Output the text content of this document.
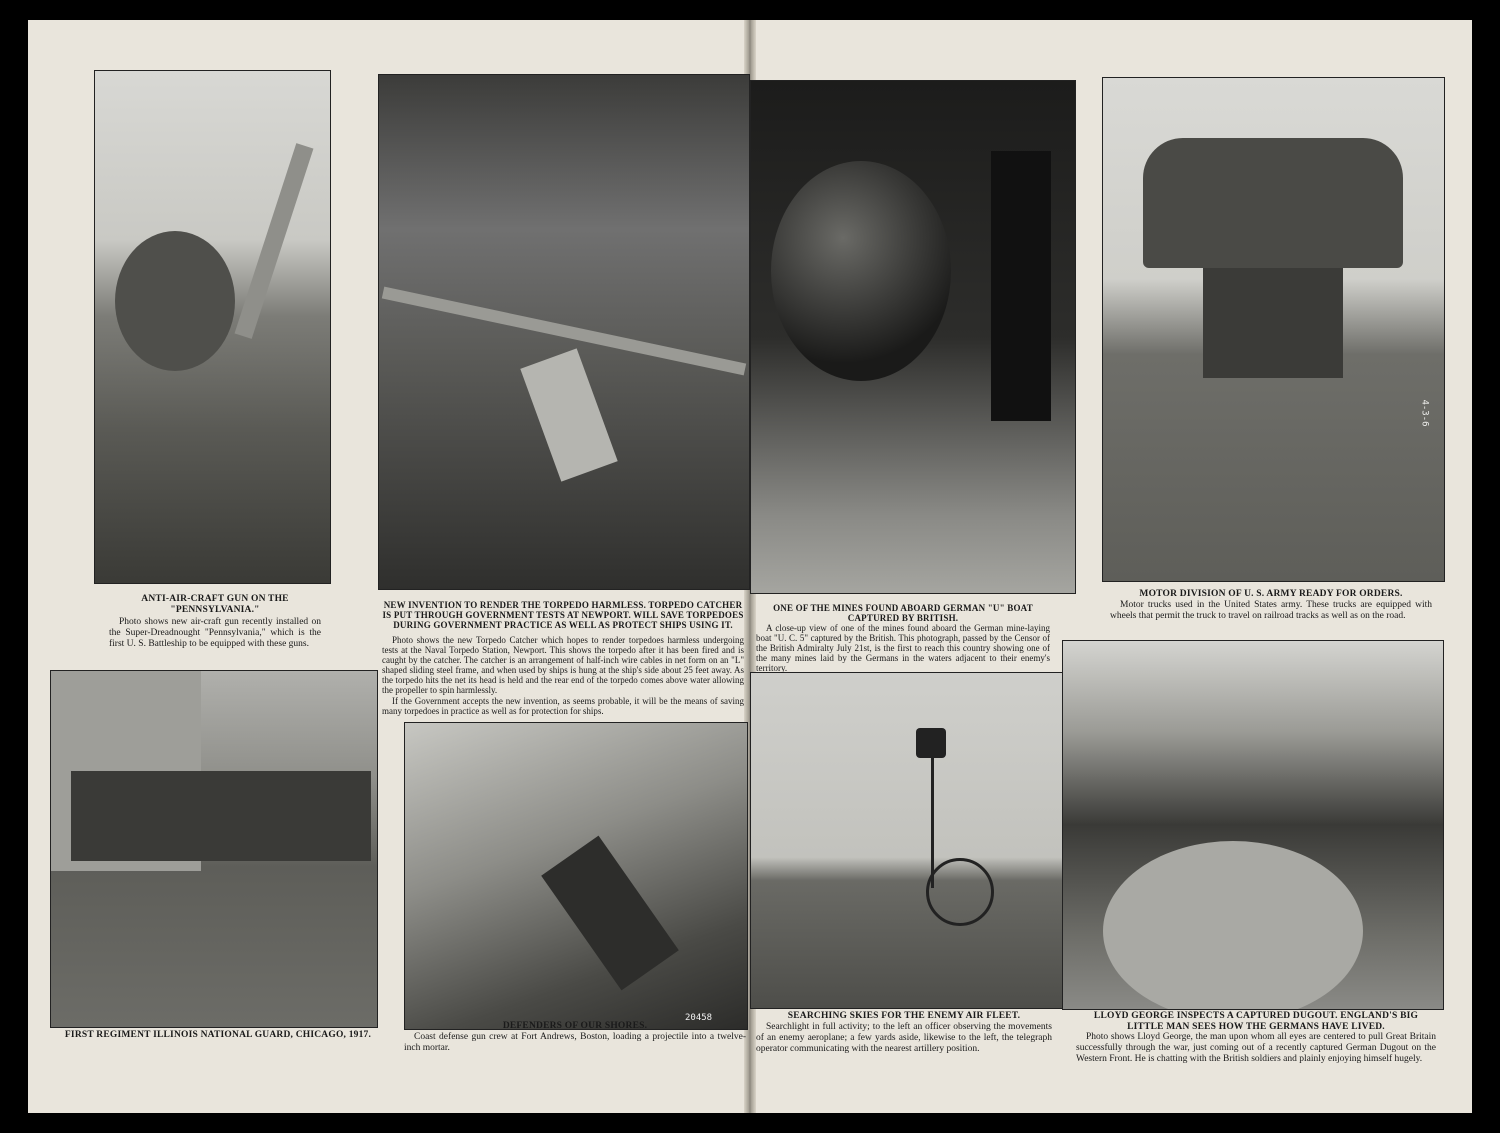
4-3-6
20458
ANTI-AIR-CRAFT GUN ON THE "PENNSYLVANIA."
Photo shows new air-craft gun recently installed on the Super-Dreadnought "Pennsylvania," which is the first U. S. Battleship to be equipped with these guns.
NEW INVENTION TO RENDER THE TORPEDO HARMLESS. TORPEDO CATCHER IS PUT THROUGH GOVERNMENT TESTS AT NEWPORT. WILL SAVE TORPEDOES DURING GOVERNMENT PRACTICE AS WELL AS PROTECT SHIPS USING IT.
Photo shows the new Torpedo Catcher which hopes to render torpedoes harmless undergoing tests at the Naval Torpedo Station, Newport. This shows the torpedo after it has been fired and is caught by the catcher. The catcher is an arrangement of half-inch wire cables in net form on an "L" shaped sliding steel frame, and when used by ships is hung at the ship's side about 25 feet away. As the torpedo hits the net its head is held and the rear end of the torpedo comes above water allowing the propeller to spin harmlessly.
If the Government accepts the new invention, as seems probable, it will be the means of saving many torpedoes in practice as well as for protection for ships.
ONE OF THE MINES FOUND ABOARD GERMAN "U" BOAT CAPTURED BY BRITISH.
A close-up view of one of the mines found aboard the German mine-laying boat "U. C. 5" captured by the British. This photograph, passed by the Censor of the British Admiralty July 21st, is the first to reach this country showing one of the many mines laid by the Germans in the waters adjacent to their enemy's territory.
MOTOR DIVISION OF U. S. ARMY READY FOR ORDERS.
Motor trucks used in the United States army. These trucks are equipped with wheels that permit the truck to travel on railroad tracks as well as on the road.
FIRST REGIMENT ILLINOIS NATIONAL GUARD, CHICAGO, 1917.
DEFENDERS OF OUR SHORES.
Coast defense gun crew at Fort Andrews, Boston, loading a projectile into a twelve-inch mortar.
SEARCHING SKIES FOR THE ENEMY AIR FLEET.
Searchlight in full activity; to the left an officer observing the movements of an enemy aeroplane; a few yards aside, likewise to the left, the telegraph operator communicating with the nearest artillery position.
LLOYD GEORGE INSPECTS A CAPTURED DUGOUT. ENGLAND'S BIG LITTLE MAN SEES HOW THE GERMANS HAVE LIVED.
Photo shows Lloyd George, the man upon whom all eyes are centered to pull Great Britain successfully through the war, just coming out of a recently captured German Dugout on the Western Front. He is chatting with the British soldiers and plainly enjoying himself hugely.
